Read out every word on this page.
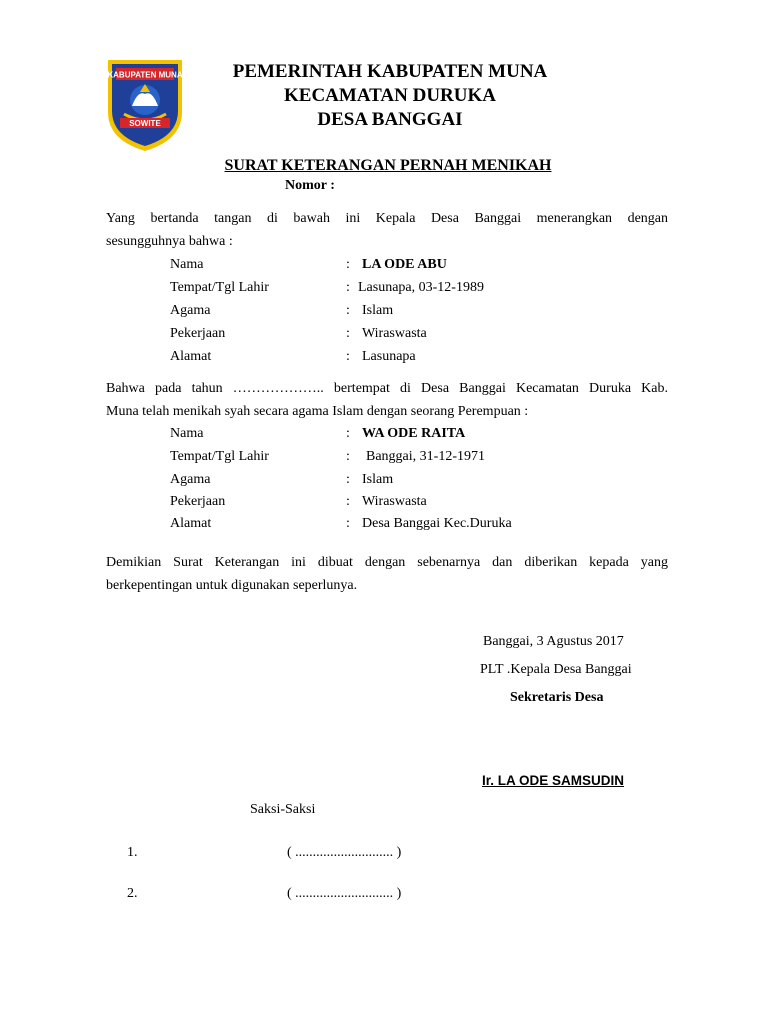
KABUPATEN MUNA
SOWITE
PEMERINTAH KABUPATEN MUNA
KECAMATAN DURUKA
DESA BANGGAI
SURAT KETERANGAN PERNAH MENIKAH
Nomor :
Yang bertanda tangan di bawah ini Kepala Desa Banggai menerangkan dengan
sesungguhnya bahwa :
Nama	: LA ODE ABU
Tempat/Tgl Lahir	: Lasunapa, 03-12-1989
Agama	: Islam
Pekerjaan	: Wiraswasta
Alamat	: Lasunapa
Bahwa pada tahun ……………….. bertempat di Desa Banggai Kecamatan Duruka Kab.
Muna telah menikah syah secara agama Islam dengan seorang Perempuan :
Nama	: WA ODE RAITA
Tempat/Tgl Lahir	: Banggai, 31-12-1971
Agama	: Islam
Pekerjaan	: Wiraswasta
Alamat	: Desa Banggai Kec.Duruka
Demikian Surat Keterangan ini dibuat dengan sebenarnya dan diberikan kepada yang
berkepentingan untuk digunakan seperlunya.
Banggai, 3 Agustus 2017
PLT .Kepala Desa Banggai
Sekretaris Desa
Ir. LA ODE SAMSUDIN
Saksi-Saksi
1.	( ............................ )
2.	( ............................ )
